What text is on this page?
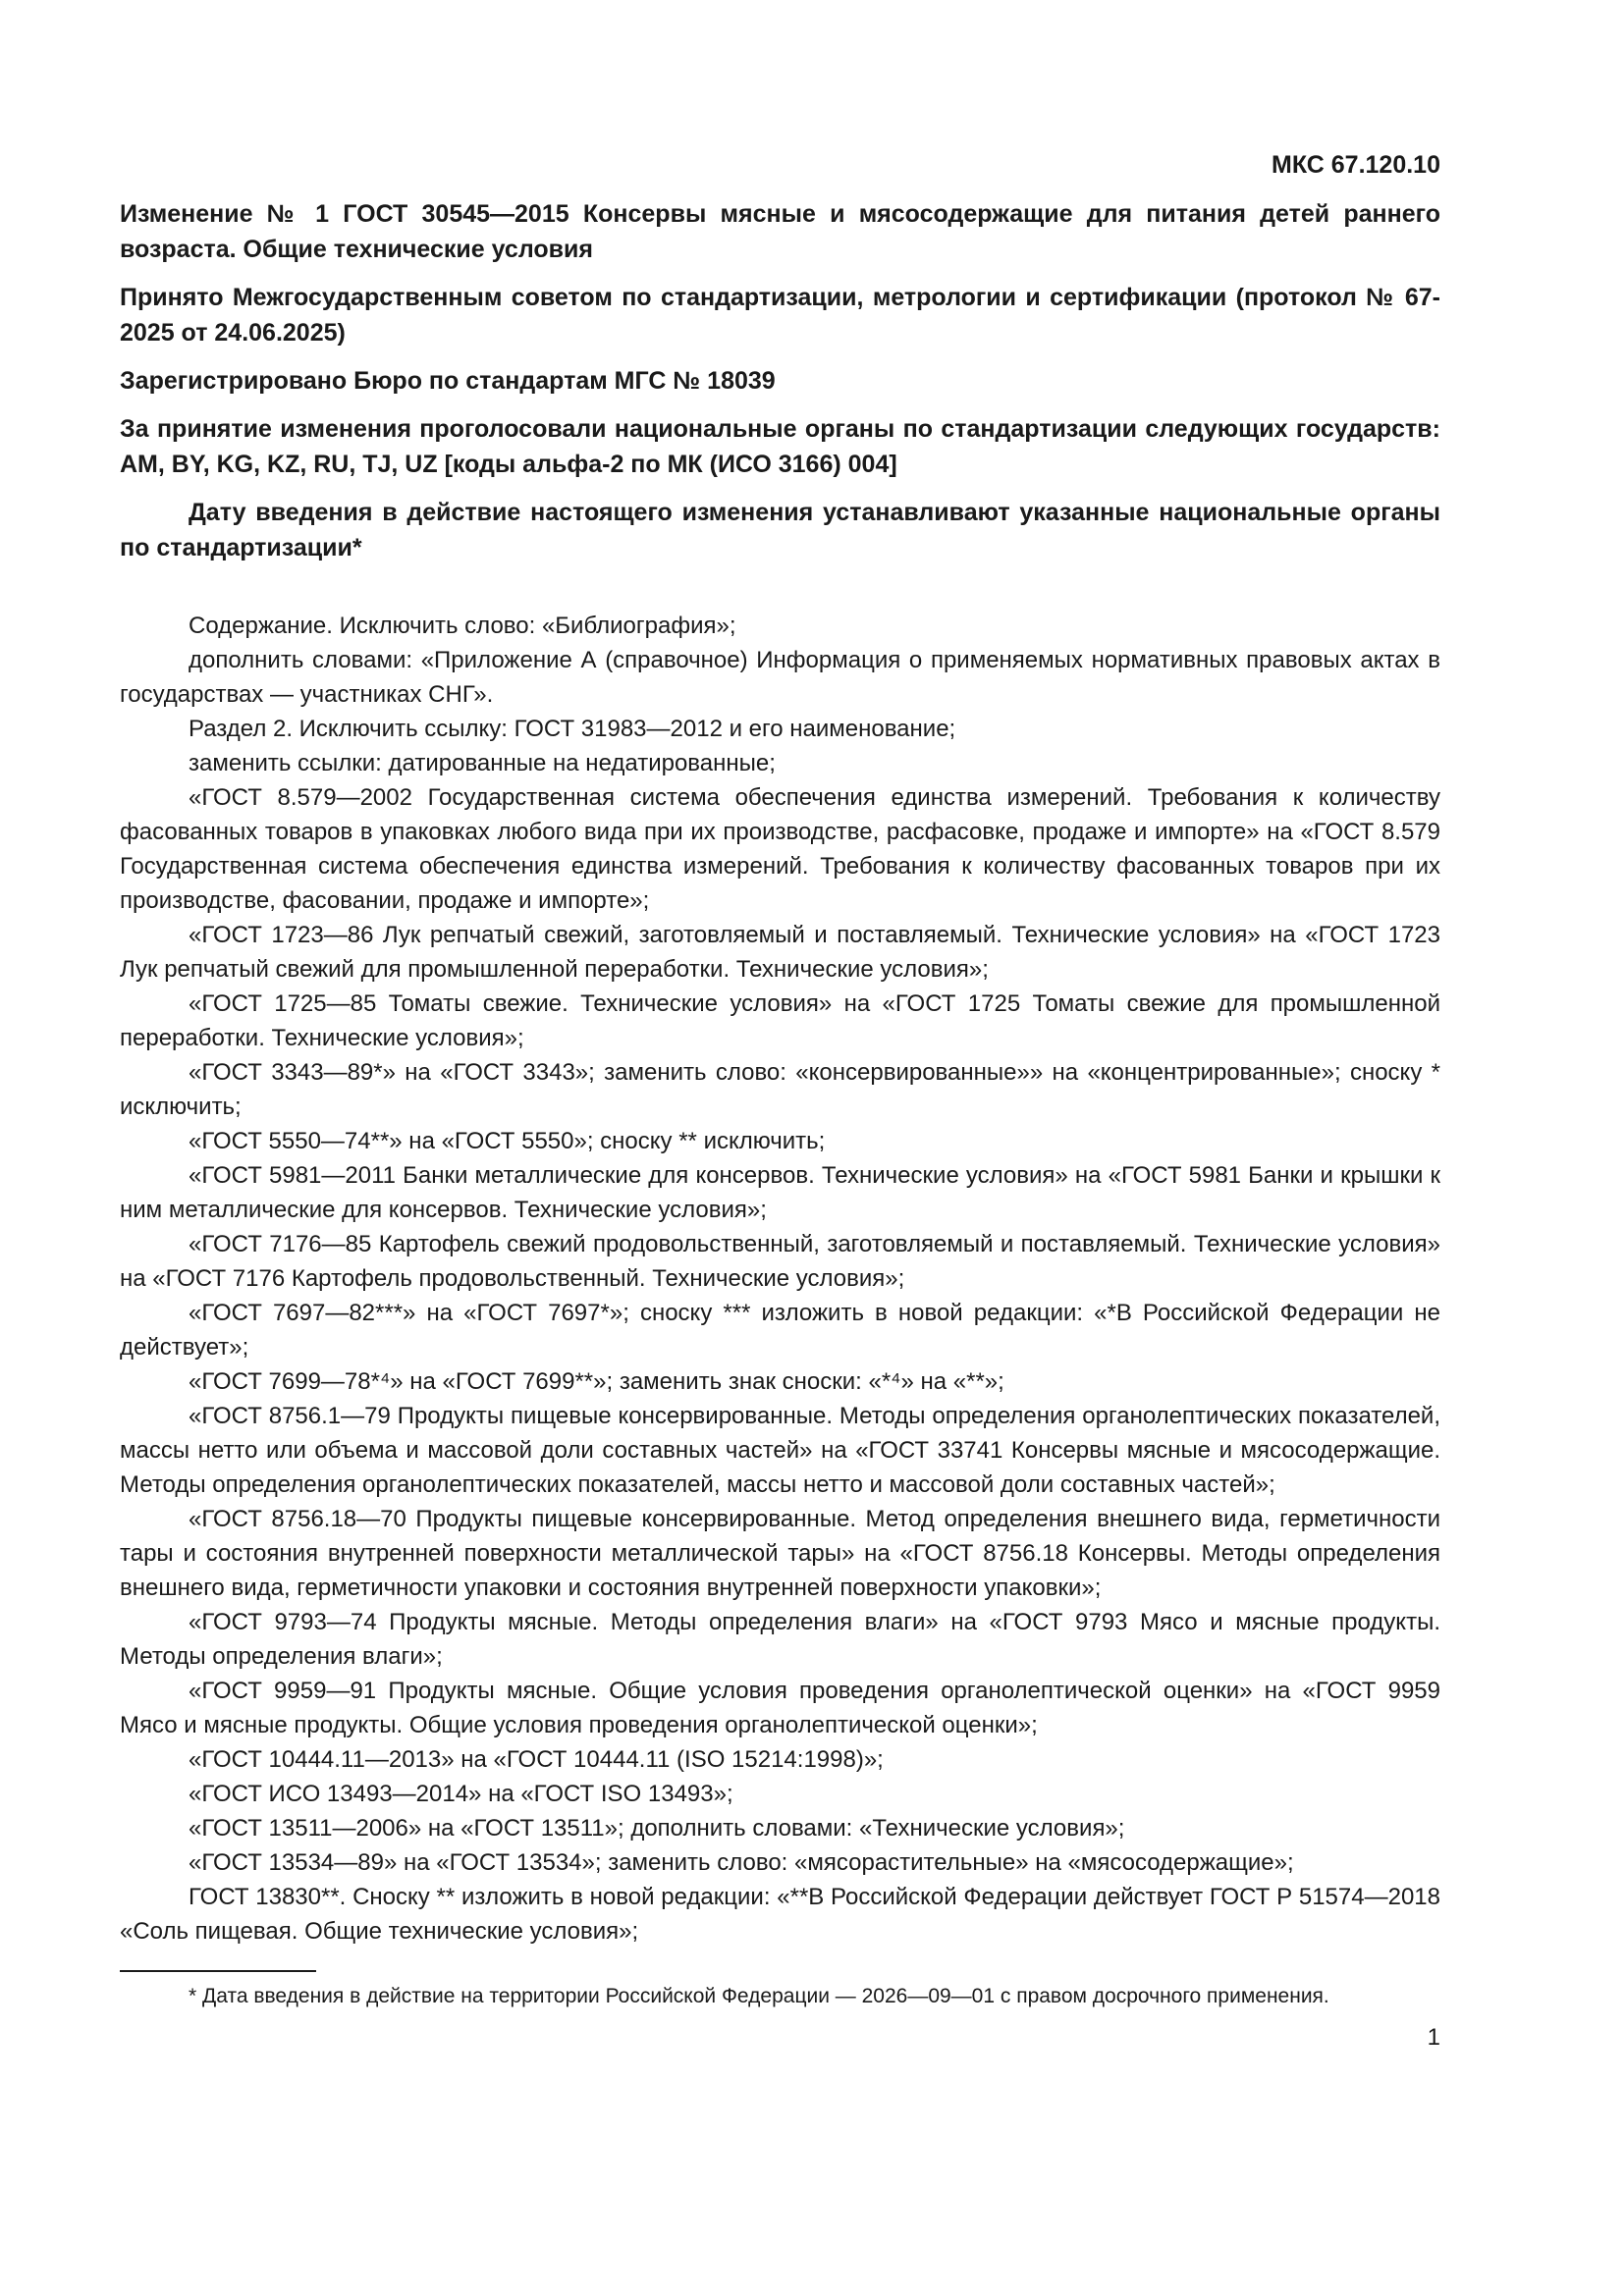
МКС 67.120.10

Изменение № 1 ГОСТ 30545—2015 Консервы мясные и мясосодержащие для питания детей раннего возраста. Общие технические условия

Принято Межгосударственным советом по стандартизации, метрологии и сертификации (протокол № 67-2025 от 24.06.2025)

Зарегистрировано Бюро по стандартам МГС № 18039

За принятие изменения проголосовали национальные органы по стандартизации следующих государств: AM, BY, KG, KZ, RU, TJ, UZ [коды альфа-2 по МК (ИСО 3166) 004]

Дату введения в действие настоящего изменения устанавливают указанные национальные органы по стандартизации*

Содержание. Исключить слово: «Библиография»;

дополнить словами: «Приложение А (справочное) Информация о применяемых нормативных правовых актах в государствах — участниках СНГ».

Раздел 2. Исключить ссылку: ГОСТ 31983—2012 и его наименование;

заменить ссылки: датированные на недатированные;

«ГОСТ 8.579—2002 Государственная система обеспечения единства измерений. Требования к количеству фасованных товаров в упаковках любого вида при их производстве, расфасовке, продаже и импорте» на «ГОСТ 8.579 Государственная система обеспечения единства измерений. Требования к количеству фасованных товаров при их производстве, фасовании, продаже и импорте»;

«ГОСТ 1723—86 Лук репчатый свежий, заготовляемый и поставляемый. Технические условия» на «ГОСТ 1723 Лук репчатый свежий для промышленной переработки. Технические условия»;

«ГОСТ 1725—85 Томаты свежие. Технические условия» на «ГОСТ 1725 Томаты свежие для промышленной переработки. Технические условия»;

«ГОСТ 3343—89*» на «ГОСТ 3343»; заменить слово: «консервированные»» на «концентрированные»; сноску * исключить;

«ГОСТ 5550—74**» на «ГОСТ 5550»; сноску ** исключить;

«ГОСТ 5981—2011 Банки металлические для консервов. Технические условия» на «ГОСТ 5981 Банки и крышки к ним металлические для консервов. Технические условия»;

«ГОСТ 7176—85 Картофель свежий продовольственный, заготовляемый и поставляемый. Технические условия» на «ГОСТ 7176 Картофель продовольственный. Технические условия»;

«ГОСТ 7697—82***» на «ГОСТ 7697*»; сноску *** изложить в новой редакции: «*В Российской Федерации не действует»;

«ГОСТ 7699—78*⁴» на «ГОСТ 7699**»; заменить знак сноски: «*⁴» на «**»;

«ГОСТ 8756.1—79 Продукты пищевые консервированные. Методы определения органолептических показателей, массы нетто или объема и массовой доли составных частей» на «ГОСТ 33741 Консервы мясные и мясосодержащие. Методы определения органолептических показателей, массы нетто и массовой доли составных частей»;

«ГОСТ 8756.18—70 Продукты пищевые консервированные. Метод определения внешнего вида, герметичности тары и состояния внутренней поверхности металлической тары» на «ГОСТ 8756.18 Консервы. Методы определения внешнего вида, герметичности упаковки и состояния внутренней поверхности упаковки»;

«ГОСТ 9793—74 Продукты мясные. Методы определения влаги» на «ГОСТ 9793 Мясо и мясные продукты. Методы определения влаги»;

«ГОСТ 9959—91 Продукты мясные. Общие условия проведения органолептической оценки» на «ГОСТ 9959 Мясо и мясные продукты. Общие условия проведения органолептической оценки»;

«ГОСТ 10444.11—2013» на «ГОСТ 10444.11 (ISO 15214:1998)»;

«ГОСТ ИСО 13493—2014» на «ГОСТ ISO 13493»;

«ГОСТ 13511—2006» на «ГОСТ 13511»; дополнить словами: «Технические условия»;

«ГОСТ 13534—89» на «ГОСТ 13534»; заменить слово: «мясорастительные» на «мясосодержащие»;

ГОСТ 13830**. Сноску ** изложить в новой редакции: «**В Российской Федерации действует ГОСТ Р 51574—2018 «Соль пищевая. Общие технические условия»;

* Дата введения в действие на территории Российской Федерации — 2026—09—01 с правом досрочного применения.
1
